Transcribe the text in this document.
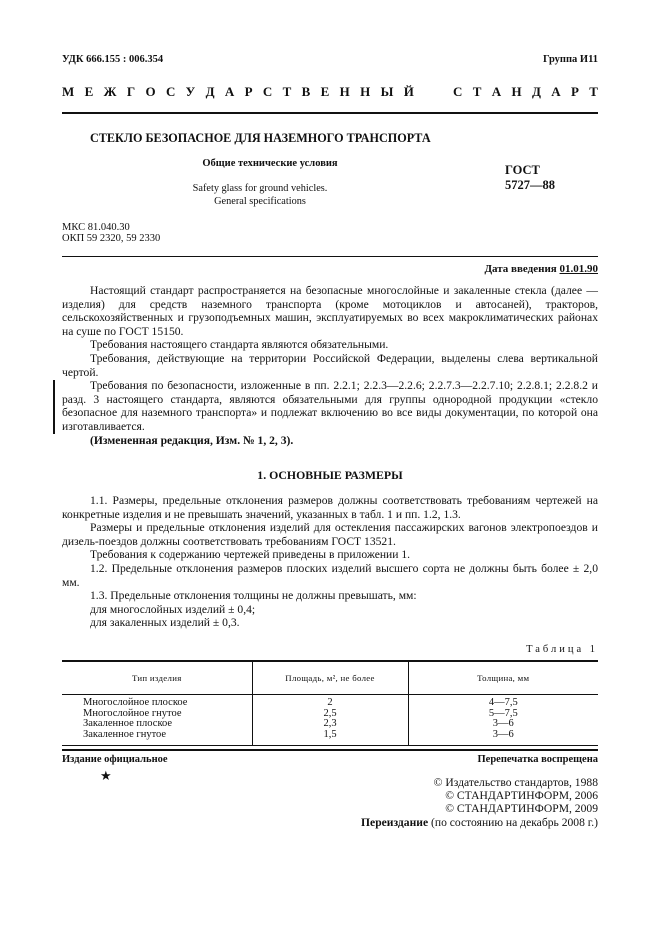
УДК 666.155 : 006.354	Группа И11
М Е Ж Г О С У Д А Р С Т В Е Н Н Ы Й	С Т А Н Д А Р Т
СТЕКЛО БЕЗОПАСНОЕ ДЛЯ НАЗЕМНОГО ТРАНСПОРТА
Общие технические условия
Safety glass for ground vehicles.
General specifications
ГОСТ
5727—88
МКС 81.040.30
ОКП 59 2320, 59 2330
Дата введения 01.01.90

Настоящий стандарт распространяется на безопасные многослойные и закаленные стекла (далее — изделия) для средств наземного транспорта (кроме мотоциклов и автосаней), тракторов, сельскохозяйственных и грузоподъемных машин, эксплуатируемых во всех макроклиматических районах на суше по ГОСТ 15150.

Требования настоящего стандарта являются обязательными.

Требования, действующие на территории Российской Федерации, выделены слева вертикальной чертой.

Требования по безопасности, изложенные в пп. 2.2.1; 2.2.3—2.2.6; 2.2.7.3—2.2.7.10; 2.2.8.1; 2.2.8.2 и разд. 3 настоящего стандарта, являются обязательными для группы однородной продукции «стекло безопасное для наземного транспорта» и подлежат включению во все виды документации, по которой она изготавливается.

(Измененная редакция, Изм. № 1, 2, 3).

1. ОСНОВНЫЕ РАЗМЕРЫ

1.1. Размеры, предельные отклонения размеров должны соответствовать требованиям чертежей на конкретные изделия и не превышать значений, указанных в табл. 1 и пп. 1.2, 1.3.

Размеры и предельные отклонения изделий для остекления пассажирских вагонов электропоездов и дизель-поездов должны соответствовать требованиям ГОСТ 13521.

Требования к содержанию чертежей приведены в приложении 1.

1.2. Предельные отклонения размеров плоских изделий высшего сорта не должны быть более ± 2,0 мм.

1.3. Предельные отклонения толщины не должны превышать, мм:

для многослойных изделий ± 0,4;

для закаленных изделий ± 0,3.

Таблица 1
Тип изделия	Площадь, м², не более	Толщина, мм
Многослойное плоское	2	4—7,5
Многослойное гнутое	2,5	5—7,5
Закаленное плоское	2,3	3—6
Закаленное гнутое	1,5	3—6
Издание официальное	Перепечатка воспрещена
★	© Издательство стандартов, 1988
© СТАНДАРТИНФОРМ, 2006
© СТАНДАРТИНФОРМ, 2009
Переиздание (по состоянию на декабрь 2008 г.)
